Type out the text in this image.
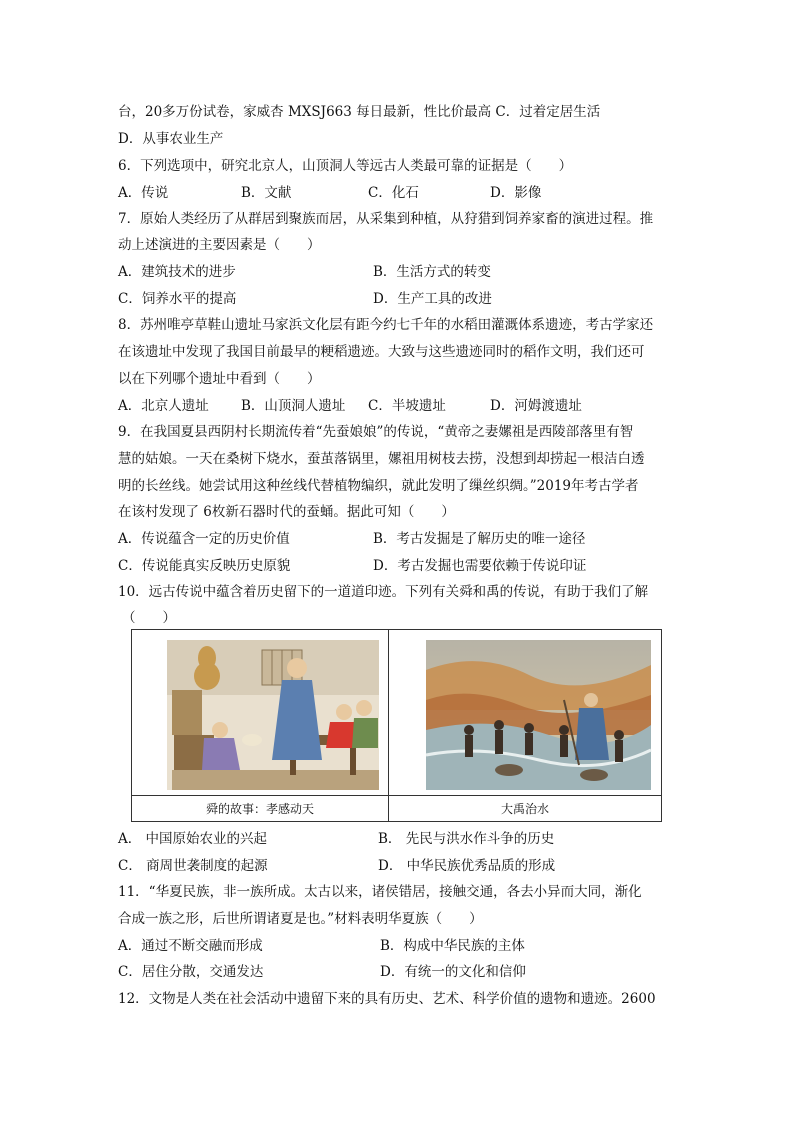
台，20多万份试卷，家威杏 MXSJ663 每日最新，性比价最高 C．过着定居生活
D．从事农业生产
6．下列选项中，研究北京人，山顶洞人等远古人类最可靠的证据是（　　）
A．传说	B．文献	C．化石	D．影像
7．原始人类经历了从群居到聚族而居，从采集到种植，从狩猎到饲养家畜的演进过程。推
动上述演进的主要因素是（　　）
A．建筑技术的进步	B．生活方式的转变
C．饲养水平的提高	D．生产工具的改进
8．苏州唯亭草鞋山遗址马家浜文化层有距今约七千年的水稻田灌溉体系遗迹，考古学家还
在该遗址中发现了我国目前最早的粳稻遗迹。大致与这些遗迹同时的稻作文明，我们还可
以在下列哪个遗址中看到（　　）
A．北京人遗址 B．山顶洞人遗址 C．半坡遗址	D．河姆渡遗址
9．在我国夏县西阴村长期流传着“先蚕娘娘”的传说，“黄帝之妻嫘祖是西陵部落里有智
慧的姑娘。一天在桑树下烧水，蚕茧落锅里，嫘祖用树枝去捞，没想到却捞起一根洁白透
明的长丝线。她尝试用这种丝线代替植物编织，就此发明了缫丝织绸。”2019年考古学者
在该村发现了 6枚新石器时代的蚕蛹。据此可知（　　）
A．传说蕴含一定的历史价值	B．考古发掘是了解历史的唯一途径
C．传说能真实反映历史原貌	D．考古发掘也需要依赖于传说印证
10．远古传说中蕴含着历史留下的一道道印迹。下列有关舜和禹的传说，有助于我们了解
（　　）
舜的故事：孝感动天	大禹治水
A． 中国原始农业的兴起	B． 先民与洪水作斗争的历史
C． 商周世袭制度的起源	D． 中华民族优秀品质的形成
11．“华夏民族，非一族所成。太古以来，诸侯错居，接触交通，各去小异而大同，渐化
合成一族之形，后世所谓诸夏是也。”材料表明华夏族（　　）
A．通过不断交融而形成	B．构成中华民族的主体
C．居住分散，交通发达	D．有统一的文化和信仰
12．文物是人类在社会活动中遗留下来的具有历史、艺术、科学价值的遗物和遗迹。2600
